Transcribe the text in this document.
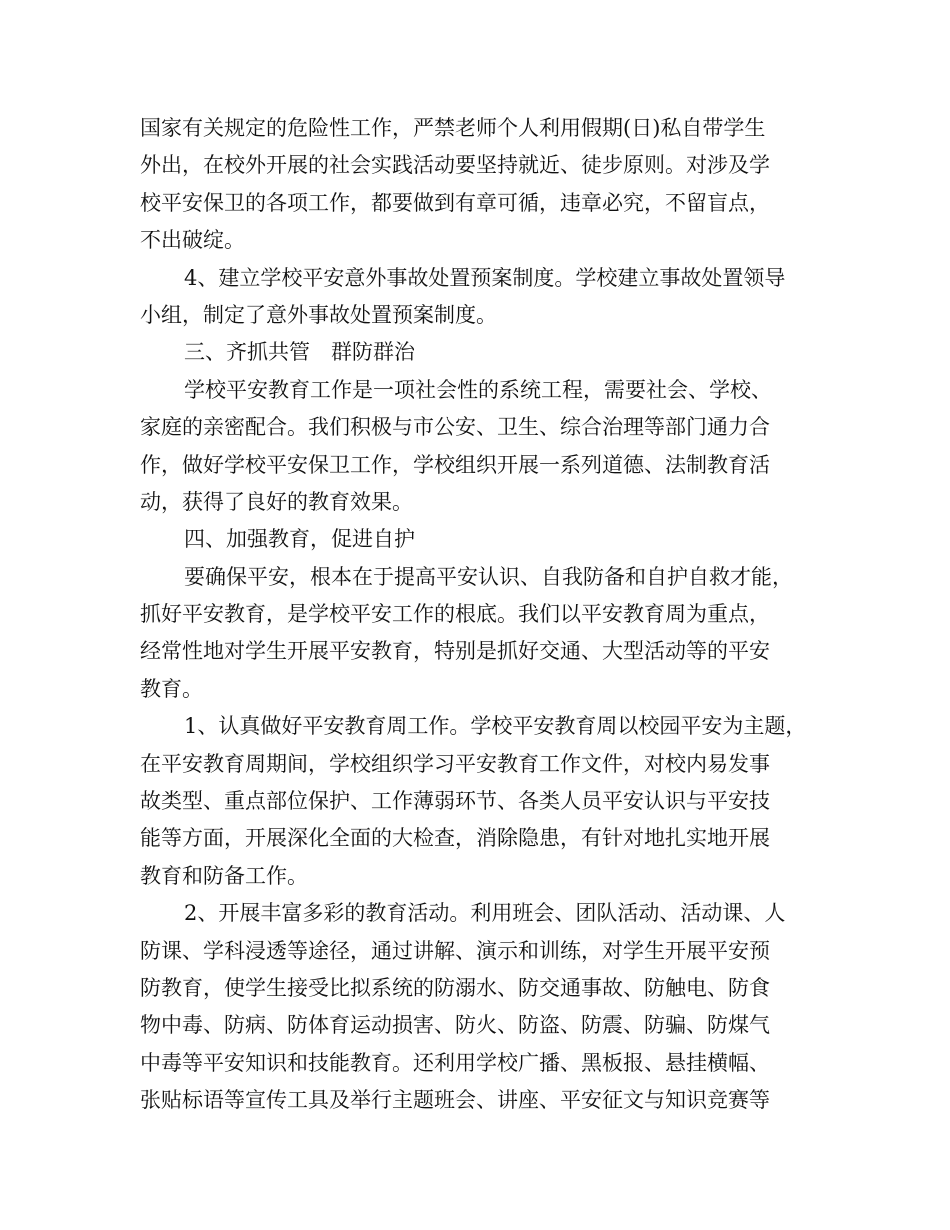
国家有关规定的危险性工作，严禁老师个人利用假期(日)私自带学生
外出，在校外开展的社会实践活动要坚持就近、徒步原则。对涉及学
校平安保卫的各项工作，都要做到有章可循，违章必究，不留盲点，
不出破绽。
4、建立学校平安意外事故处置预案制度。学校建立事故处置领导
小组，制定了意外事故处置预案制度。
三、齐抓共管　群防群治
学校平安教育工作是一项社会性的系统工程，需要社会、学校、
家庭的亲密配合。我们积极与市公安、卫生、综合治理等部门通力合
作，做好学校平安保卫工作，学校组织开展一系列道德、法制教育活
动，获得了良好的教育效果。
四、加强教育，促进自护
要确保平安，根本在于提高平安认识、自我防备和自护自救才能，
抓好平安教育，是学校平安工作的根底。我们以平安教育周为重点，
经常性地对学生开展平安教育，特别是抓好交通、大型活动等的平安
教育。
1、认真做好平安教育周工作。学校平安教育周以校园平安为主题，
在平安教育周期间，学校组织学习平安教育工作文件，对校内易发事
故类型、重点部位保护、工作薄弱环节、各类人员平安认识与平安技
能等方面，开展深化全面的大检查，消除隐患，有针对地扎实地开展
教育和防备工作。
2、开展丰富多彩的教育活动。利用班会、团队活动、活动课、人
防课、学科浸透等途径，通过讲解、演示和训练，对学生开展平安预
防教育，使学生接受比拟系统的防溺水、防交通事故、防触电、防食
物中毒、防病、防体育运动损害、防火、防盗、防震、防骗、防煤气
中毒等平安知识和技能教育。还利用学校广播、黑板报、悬挂横幅、
张贴标语等宣传工具及举行主题班会、讲座、平安征文与知识竞赛等
